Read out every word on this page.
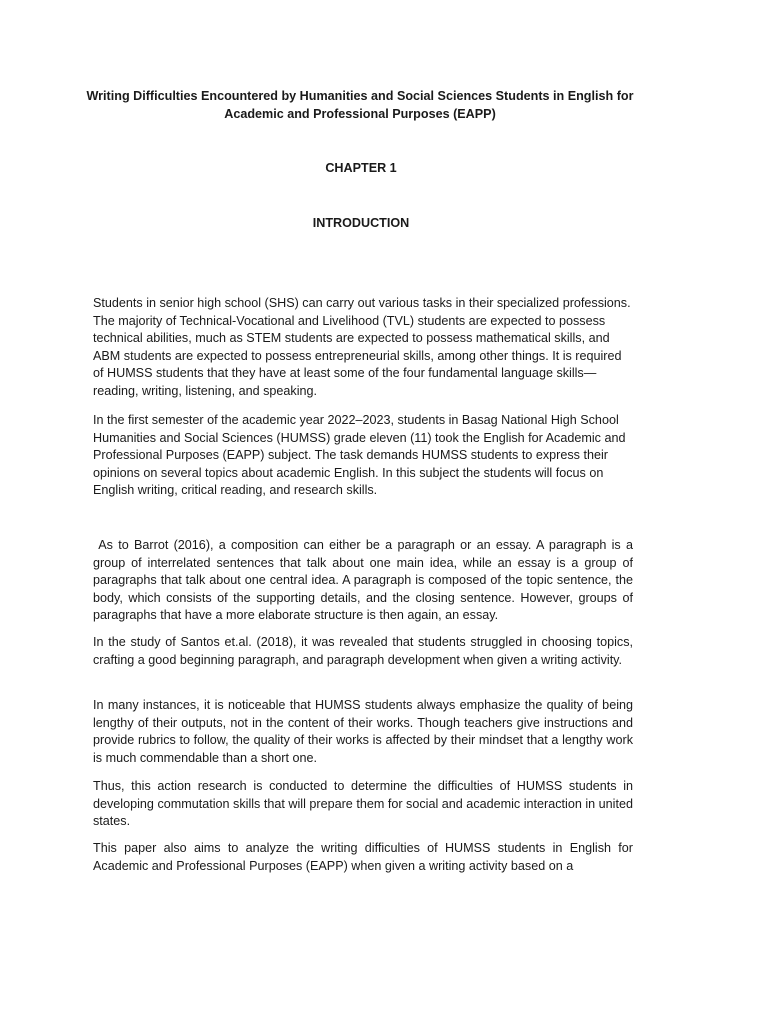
Writing Difficulties Encountered by Humanities and Social Sciences Students in English for Academic and Professional Purposes (EAPP)
CHAPTER 1
INTRODUCTION

Students in senior high school (SHS) can carry out various tasks in their specialized professions. The majority of Technical-Vocational and Livelihood (TVL) students are expected to possess technical abilities, much as STEM students are expected to possess mathematical skills, and ABM students are expected to possess entrepreneurial skills, among other things. It is required of HUMSS students that they have at least some of the four fundamental language skills—reading, writing, listening, and speaking.

In the first semester of the academic year 2022–2023, students in Basag National High School Humanities and Social Sciences (HUMSS) grade eleven (11) took the English for Academic and Professional Purposes (EAPP) subject. The task demands HUMSS students to express their opinions on several topics about academic English. In this subject the students will focus on English writing, critical reading, and research skills.

As to Barrot (2016), a composition can either be a paragraph or an essay. A paragraph is a group of interrelated sentences that talk about one main idea, while an essay is a group of paragraphs that talk about one central idea. A paragraph is composed of the topic sentence, the body, which consists of the supporting details, and the closing sentence. However, groups of paragraphs that have a more elaborate structure is then again, an essay.

In the study of Santos et.al. (2018), it was revealed that students struggled in choosing topics, crafting a good beginning paragraph, and paragraph development when given a writing activity.

In many instances, it is noticeable that HUMSS students always emphasize the quality of being lengthy of their outputs, not in the content of their works. Though teachers give instructions and provide rubrics to follow, the quality of their works is affected by their mindset that a lengthy work is much commendable than a short one.

Thus, this action research is conducted to determine the difficulties of HUMSS students in developing commutation skills that will prepare them for social and academic interaction in united states.

This paper also aims to analyze the writing difficulties of HUMSS students in English for Academic and Professional Purposes (EAPP) when given a writing activity based on a
